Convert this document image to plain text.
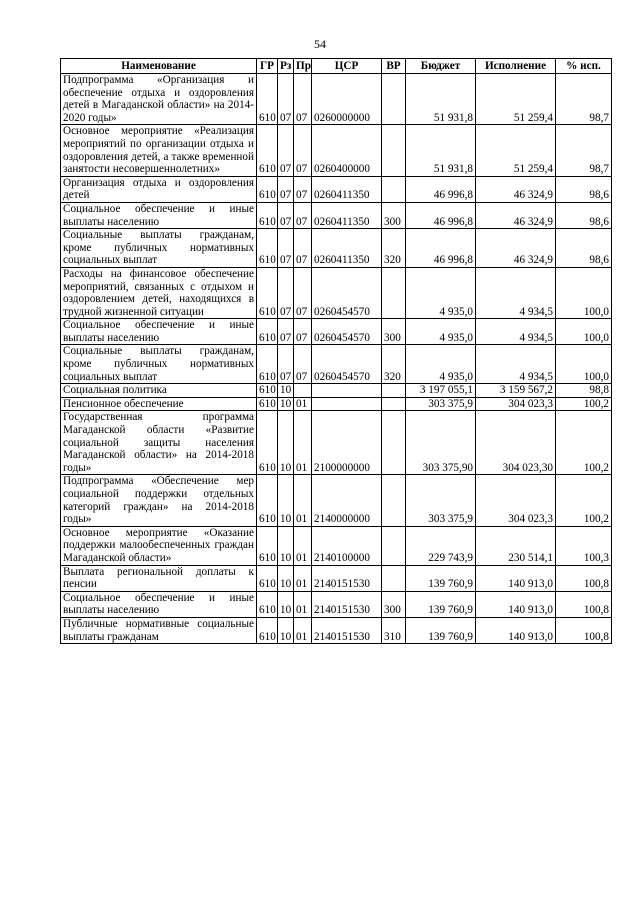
54
Наименование	ГР	Рз	Пр	ЦСР	ВР	Бюджет	Исполнение	% исп.
Подпрограмма «Организация и обеспечение отдыха и оздоровления детей в Магаданской области» на 2014-2020 годы»	610	07	07	0260000000		51 931,8	51 259,4	98,7
Основное мероприятие «Реализация мероприятий по организации отдыха и оздоровления детей, а также временной занятости несовершеннолетних»	610	07	07	0260400000		51 931,8	51 259,4	98,7
Организация отдыха и оздоровления детей	610	07	07	0260411350		46 996,8	46 324,9	98,6
Социальное обеспечение и иные выплаты населению	610	07	07	0260411350	300	46 996,8	46 324,9	98,6
Социальные выплаты гражданам, кроме публичных нормативных социальных выплат	610	07	07	0260411350	320	46 996,8	46 324,9	98,6
Расходы на финансовое обеспечение мероприятий, связанных с отдыхом и оздоровлением детей, находящихся в трудной жизненной ситуации	610	07	07	0260454570		4 935,0	4 934,5	100,0
Социальное обеспечение и иные выплаты населению	610	07	07	0260454570	300	4 935,0	4 934,5	100,0
Социальные выплаты гражданам, кроме публичных нормативных социальных выплат	610	07	07	0260454570	320	4 935,0	4 934,5	100,0
Социальная политика	610	10				3 197 055,1	3 159 567,2	98,8
Пенсионное обеспечение	610	10	01			303 375,9	304 023,3	100,2
Государственная программа Магаданской области «Развитие социальной защиты населения Магаданской области» на 2014-2018 годы»	610	10	01	2100000000		303 375,90	304 023,30	100,2
Подпрограмма «Обеспечение мер социальной поддержки отдельных категорий граждан» на 2014-2018 годы»	610	10	01	2140000000		303 375,9	304 023,3	100,2
Основное мероприятие «Оказание поддержки малообеспеченных граждан Магаданской области»	610	10	01	2140100000		229 743,9	230 514,1	100,3
Выплата региональной доплаты к пенсии	610	10	01	2140151530		139 760,9	140 913,0	100,8
Социальное обеспечение и иные выплаты населению	610	10	01	2140151530	300	139 760,9	140 913,0	100,8
Публичные нормативные социальные выплаты гражданам	610	10	01	2140151530	310	139 760,9	140 913,0	100,8
